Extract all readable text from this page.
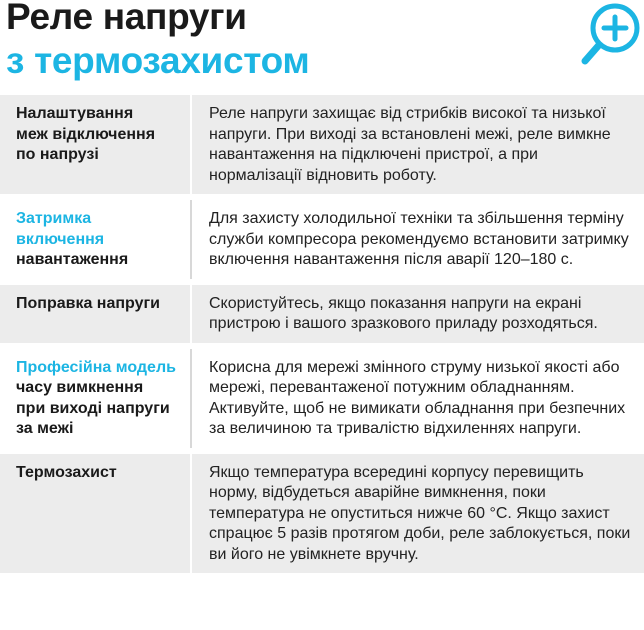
Реле напруги
з термозахистом
Налаштування
меж відключення
по напрузі
Реле напруги захищає від стрибків високої та низької напруги. При виході за встановлені межі, реле вимкне навантаження на підключені пристрої, а при нормалізації відновить роботу.
Затримка включення
навантаження
Для захисту холодильної техніки та збільшення терміну служби компресора рекомендуємо встановити затримку включення навантаження після аварії 120–180 с.
Поправка напруги	Скористуйтесь, якщо показання напруги на екрані пристрою і вашого зразкового приладу розходяться.
Професійна модель
часу вимкнення
при виході напруги
за межі
Корисна для мережі змінного струму низької якості або мережі, перевантаженої потужним обладнанням. Активуйте, щоб не вимикати обладнання при безпечних за величиною та тривалістю відхиленнях напруги.
Термозахист	Якщо температура всередині корпусу перевищить норму, відбудеться аварійне вимкнення, поки температура не опуститься нижче 60 °C. Якщо захист спрацює 5 разів протягом доби, реле заблокується, поки ви його не увімкнете вручну.
